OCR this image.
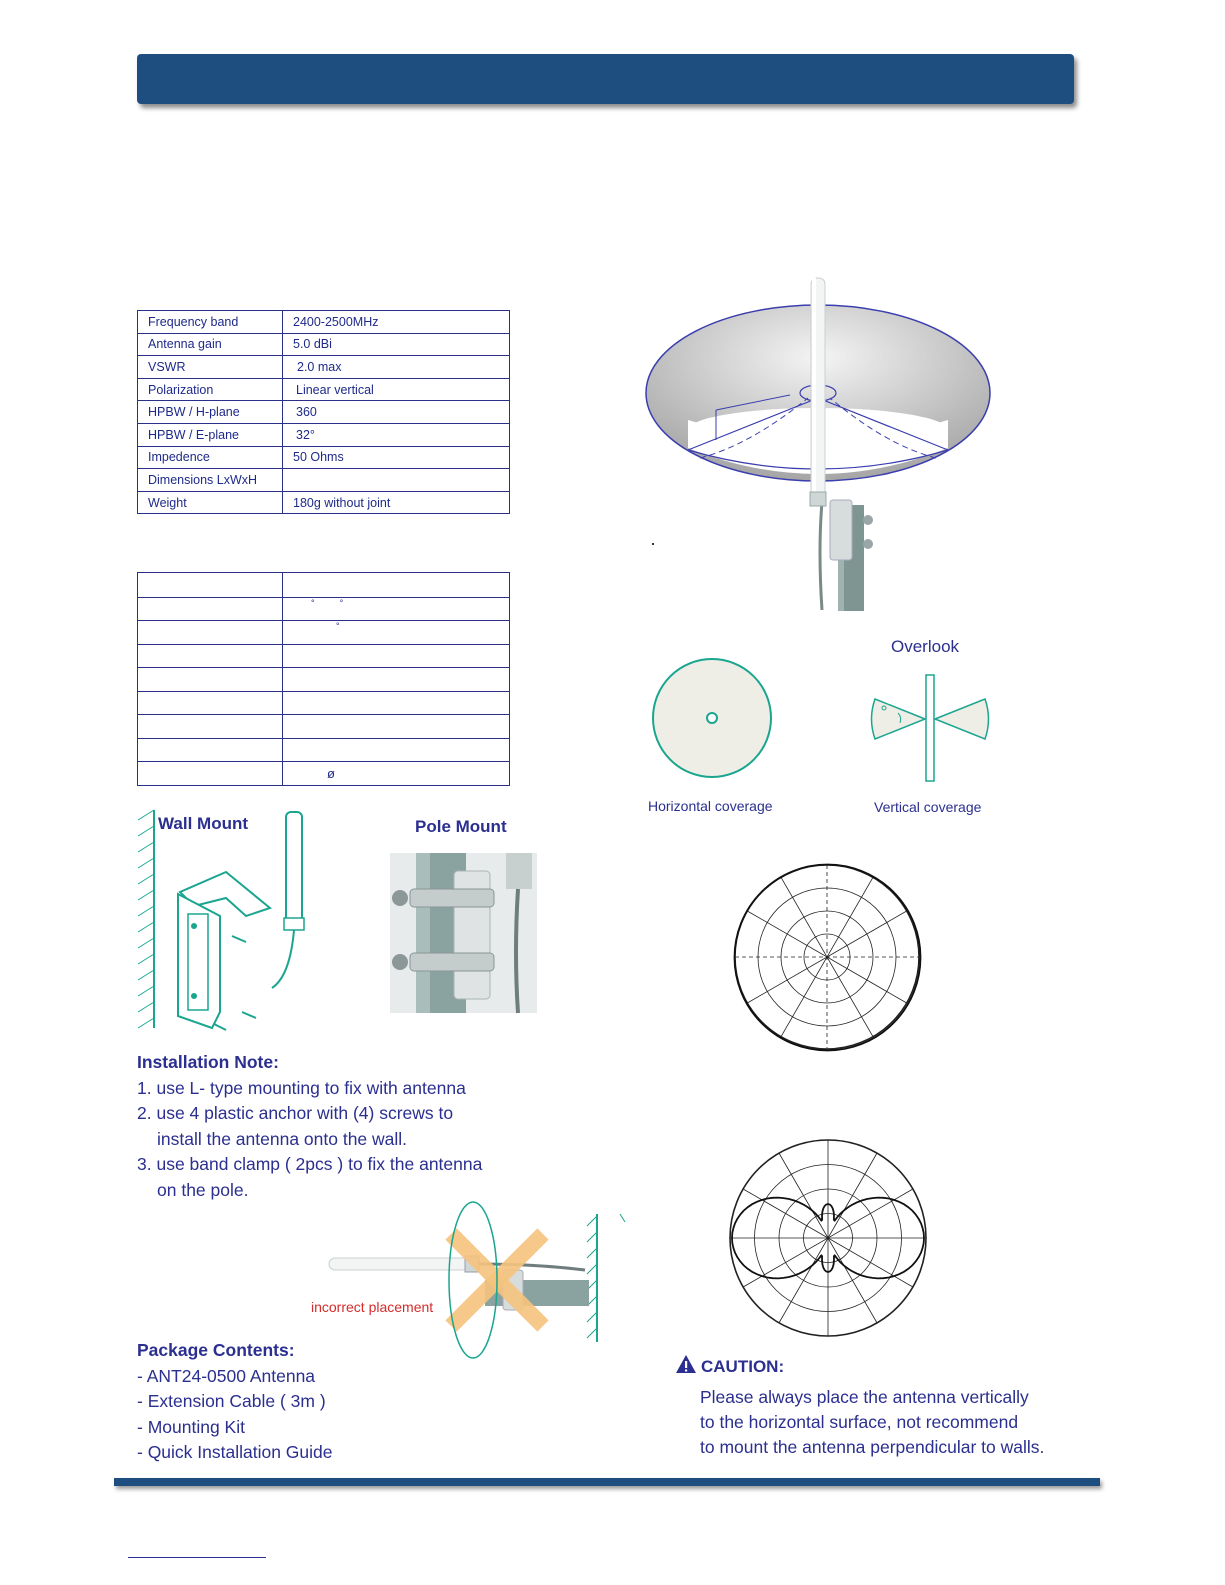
Frequency band	2400-2500MHz
Antenna gain	5.0 dBi
VSWR	2.0 max
Polarization	Linear vertical
HPBW / H-plane	360
HPBW / E-plane	32°
Impedence	50 Ohms
Dimensions LxWxH	
Weight	180g without joint

	°          °
	°

	ø
Overlook
Horizontal coverage	Vertical coverage
Wall Mount	Pole Mount
Installation Note:
1. use L- type mounting to fix with antenna
2. use 4 plastic anchor with (4) screws to
install the antenna onto the wall.
3. use band clamp ( 2pcs ) to fix the antenna
on the pole.
incorrect placement
Package Contents:
- ANT24-0500 Antenna
- Extension Cable ( 3m )
- Mounting Kit
- Quick Installation Guide
CAUTION:
Please always place the antenna vertically
to the horizontal surface, not recommend
to mount the antenna perpendicular to walls.
